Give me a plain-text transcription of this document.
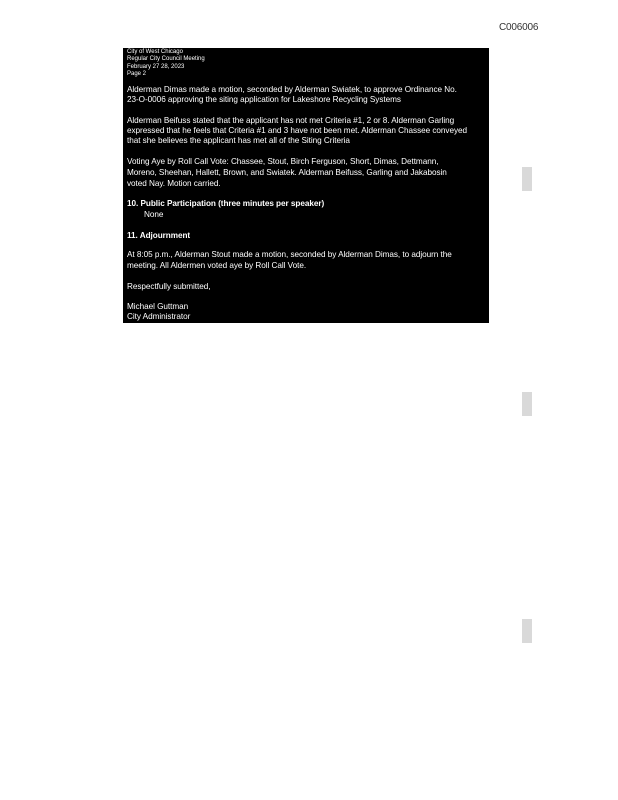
C006006
City of West Chicago
Regular City Council Meeting
February 27 28, 2023
Page 2
Alderman Dimas made a motion, seconded by Alderman Swiatek, to approve Ordinance No.
23-O-0006 approving the siting application for Lakeshore Recycling Systems
Alderman Beifuss stated that the applicant has not met Criteria #1, 2 or 8. Alderman Garling
expressed that he feels that Criteria #1 and 3 have not been met. Alderman Chassee conveyed
that she believes the applicant has met all of the Siting Criteria
Voting Aye by Roll Call Vote: Chassee, Stout, Birch Ferguson, Short, Dimas, Dettmann,
Moreno, Sheehan, Hallett, Brown, and Swiatek. Alderman Beifuss, Garling and Jakabosin
voted Nay. Motion carried.
10. Public Participation (three minutes per speaker)
None
11. Adjournment
At 8:05 p.m., Alderman Stout made a motion, seconded by Alderman Dimas, to adjourn the
meeting. All Aldermen voted aye by Roll Call Vote.
Respectfully submitted,
Michael Guttman
City Administrator
